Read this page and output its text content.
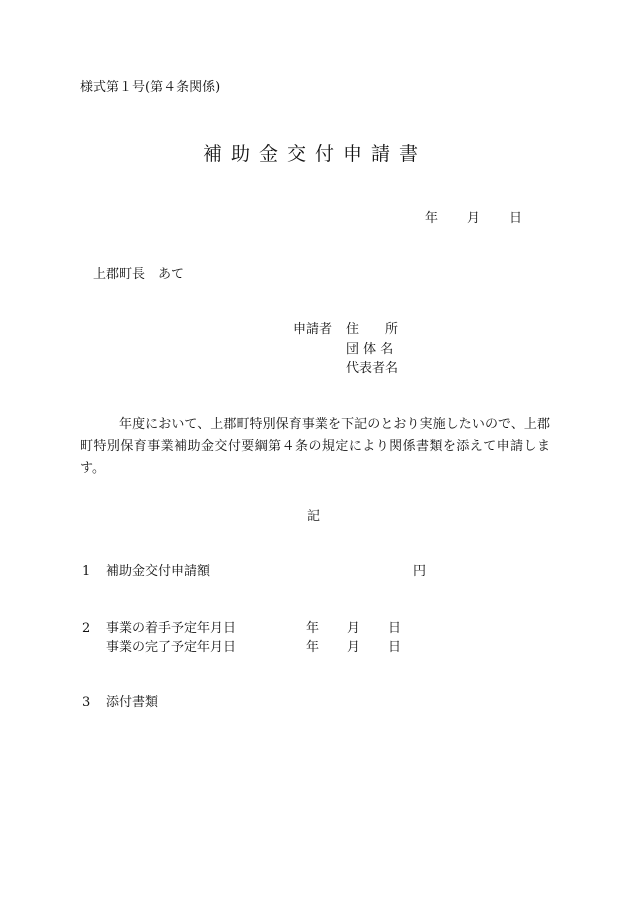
様式第１号(第４条関係)
補助金交付申請書
年 月 日
上郡町長　あて
申請者 住　　所
団 体 名
代表者名
年度において、上郡町特別保育事業を下記のとおり実施したいので、上郡町特別保育事業補助金交付要綱第４条の規定により関係書類を添えて申請します。
記
1 補助金交付申請額	円
2 事業の着手予定年月日
事業の完了予定年月日
年 月 日
年 月 日
3 添付書類
